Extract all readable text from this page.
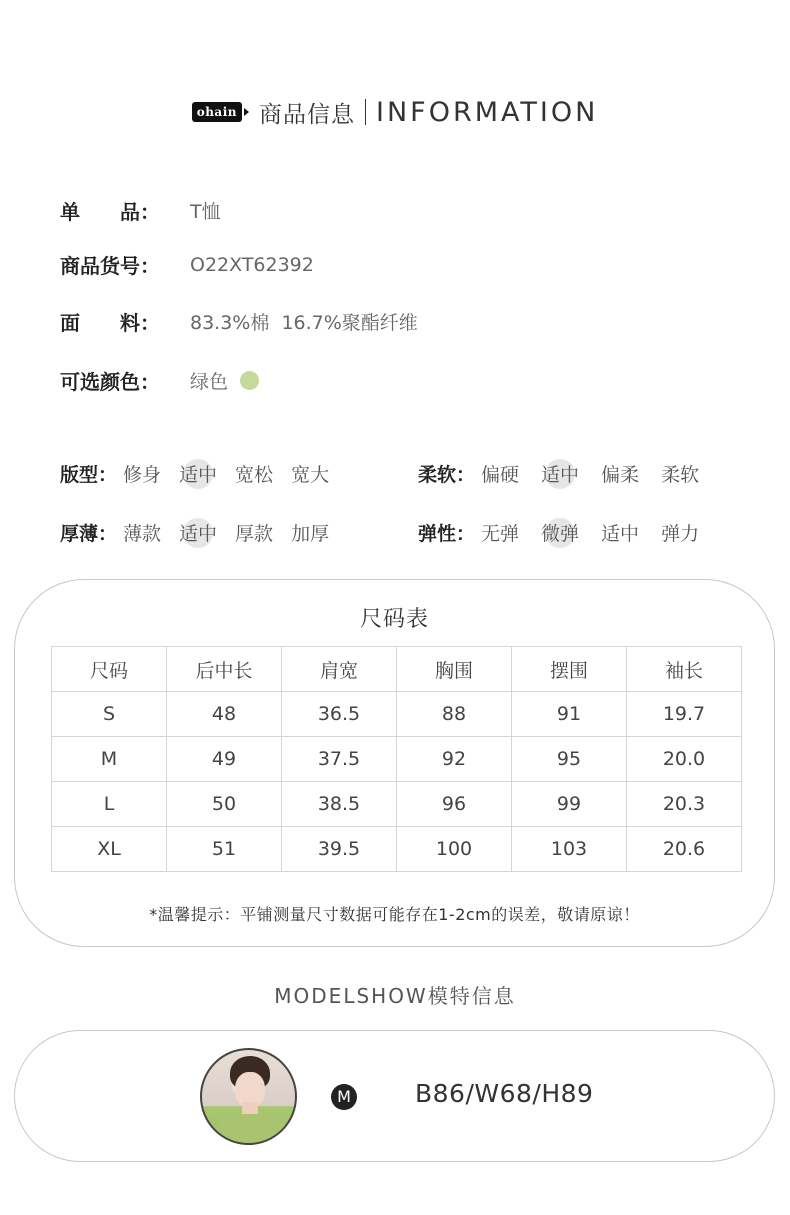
ohain 商品信息 INFORMATION
单　　品：	T恤
商品货号：	O22XT62392
面　　料：	83.3%棉  16.7%聚酯纤维
可选颜色：	绿色
版型： 修身 适中 宽松 宽大	柔软： 偏硬 适中 偏柔 柔软
厚薄： 薄款 适中 厚款 加厚	弹性： 无弹 微弹 适中 弹力
尺码表
尺码	后中长	肩宽	胸围	摆围	袖长
S	48	36.5	88	91	19.7
M	49	37.5	92	95	20.0
L	50	38.5	96	99	20.3
XL	51	39.5	100	103	20.6
*温馨提示：平铺测量尺寸数据可能存在1-2cm的误差，敬请原谅！
MODELSHOW模特信息
M	B86/W68/H89
